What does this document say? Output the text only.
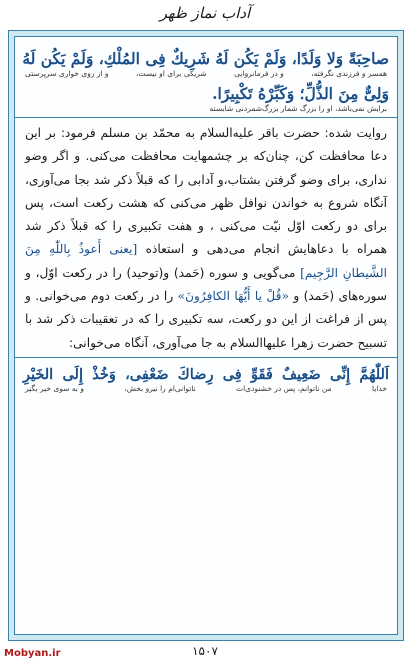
آداب نماز ظهر
صاحِبَةً وَلا وَلَدًا، وَلَمْ یَكُن لَهُ شَرِیكٌ فِی المُلْكِ، وَلَمْ یَكُن لَهُ
همسر و فرزندی نگرفته،
و در فرمانروایی
شریکی برای او نیست،
و از روی خواری سرپرستی
وَلِیٌّ مِنَ الذُّلِّ؛ وَكَبِّرْهُ تَكْبِیرًا.
برایش نمی‌باشد، او را بزرگ شمار بزرگ‌شمردنی شایسته
روایت شده: حضرت باقر علیه‌السلام به محمّد بن مسلم فرمود: بر این دعا محافظت کن، چنان‌که بر چشمهایت محافظت می‌کنی. و اگر وضو نداری، برای وضو گرفتن بشتاب،و آدابی را که قبلاً ذکر شد بجا می‌آوری، آنگاه شروع به خواندن نوافل ظهر می‌کنی که هشت رکعت است، پس برای دو رکعت اوّل نیّت می‌کنی ، و هفت تکبیری را که قبلاً ذکر شد همراه با دعاهایش انجام می‌دهی و استعاذه [یعنی أَعوذُ بِاللّٰهِ مِنَ الشَّیطانِ الرَّجِیم] می‌گویی و سوره (حَمد) و(توحید) را در رکعت اوّل، و سوره‌های (حَمد) و «قُلْ یا أَیُّهَا الکافِرُونَ» را در رکعت دوم می‌خوانی. و پس از فراغت از این دو رکعت، سه تکبیری را که در تعقیبات ذکر شد با تسبیح حضرت زهرا علیهاالسلام به جا می‌آوری، آنگاه می‌خوانی:
اَللّٰهُمَّ إِنِّی ضَعِیفٌ فَقَوِّ فِی رِضاكَ ضَعْفِی، وَخُذْ إِلَی الخَیْرِ
خدایا
من ناتوانم، پس در خشنودی‌ات
ناتوانی‌ام را نیرو بخش،
و به سوی خیر بگیر
۱۵۰۷
Mobyan.ir
